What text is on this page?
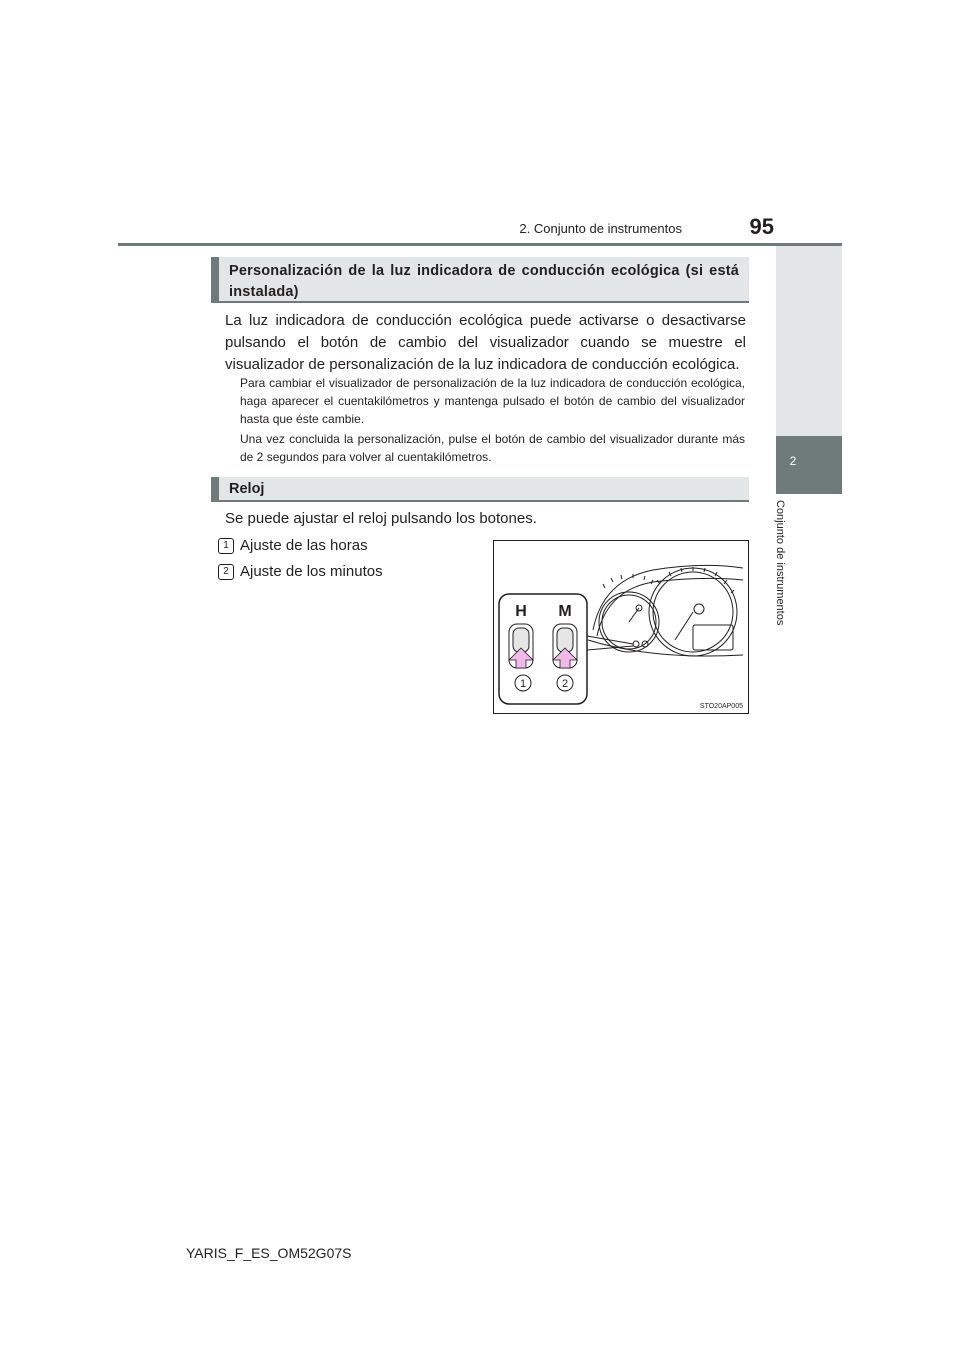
2. Conjunto de instrumentos	95
2
Conjunto de instrumentos
Personalización de la luz indicadora de conducción ecológica (si está instalada)
La luz indicadora de conducción ecológica puede activarse o desactivarse pulsando el botón de cambio del visualizador cuando se muestre el visualizador de personalización de la luz indicadora de conducción ecológica.
Para cambiar el visualizador de personalización de la luz indicadora de conducción ecológica, haga aparecer el cuentakilómetros y mantenga pulsado el botón de cambio del visualizador hasta que éste cambie.
Una vez concluida la personalización, pulse el botón de cambio del visualizador durante más de 2 segundos para volver al cuentakilómetros.
Reloj
Se puede ajustar el reloj pulsando los botones.
1 Ajuste de las horas
2 Ajuste de los minutos
H M
1	2
STO20AP005
YARIS_F_ES_OM52G07S
